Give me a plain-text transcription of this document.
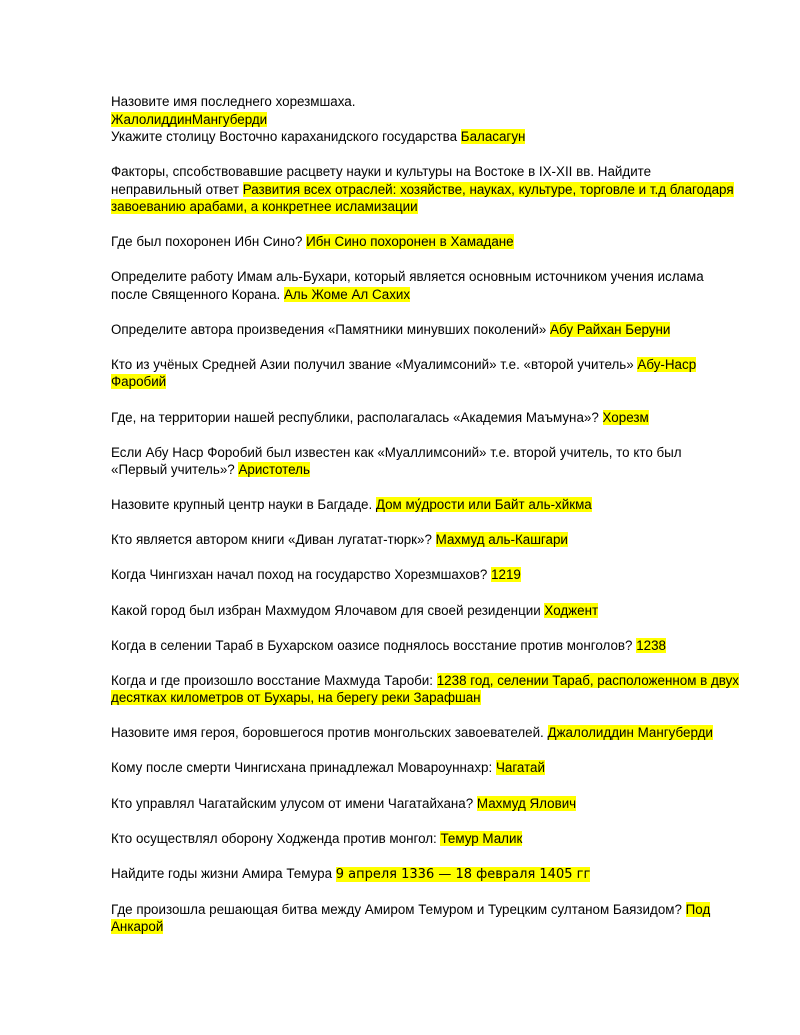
Назовите имя последнего хорезмшаха.

ЖалолиддинМангуберди

Укажите столицу Восточно караханидского государства Баласагун

Факторы, спсобствовавшие расцвету науки и культуры на Востоке в IX-XII вв. Найдите неправильный ответ Развития всех отраслей: хозяйстве, науках, культуре, торговле и т.д благодаря завоеванию арабами, а конкретнее исламизации

Где был похоронен Ибн Сино? Ибн Сино похоронен в Хамадане

Определите работу Имам аль-Бухари, который является основным источником учения ислама после Священного Корана. Аль Жоме Ал Сахих

Определите автора произведения «Памятники минувших поколений» Абу Райхан Беруни

Кто из учёных Средней Азии получил звание «Муалимсоний» т.е. «второй учитель» Абу-Наср Фаробий

Где, на территории нашей республики, располагалась «Академия Маъмуна»? Хорезм

Если Абу Наср Форобий был известен как «Муаллимсоний» т.е. второй учитель, то кто был «Первый учитель»? Аристотель

Назовите крупный центр науки в Багдаде. Дом му́дрости или Байт аль-хйкма

Кто является автором книги «Диван лугатат-тюрк»? Махмуд аль-Кашгари

Когда Чингизхан начал поход на государство Хорезмшахов? 1219

Какой город был избран Махмудом Ялочавом для своей резиденции Ходжент

Когда в селении Тараб в Бухарском оазисе поднялось восстание против монголов? 1238

Когда и где произошло восстание Махмуда Тароби: 1238 год, селении Тараб, расположенном в двух десятках километров от Бухары, на берегу реки Зарафшан

Назовите имя героя, боровшегося против монгольских завоевателей. Джалолиддин Мангуберди

Кому после смерти Чингисхана принадлежал Мовароуннахр: Чагатай

Кто управлял Чагатайским улусом от имени Чагатайхана? Махмуд Ялович

Кто осуществлял оборону Ходженда против монгол: Темур Малик

Найдите годы жизни Амира Темура 9 апреля 1336 — 18 февраля 1405 гг

Где произошла решающая битва между Амиром Темуром и Турецким султаном Баязидом? Под Анкарой
